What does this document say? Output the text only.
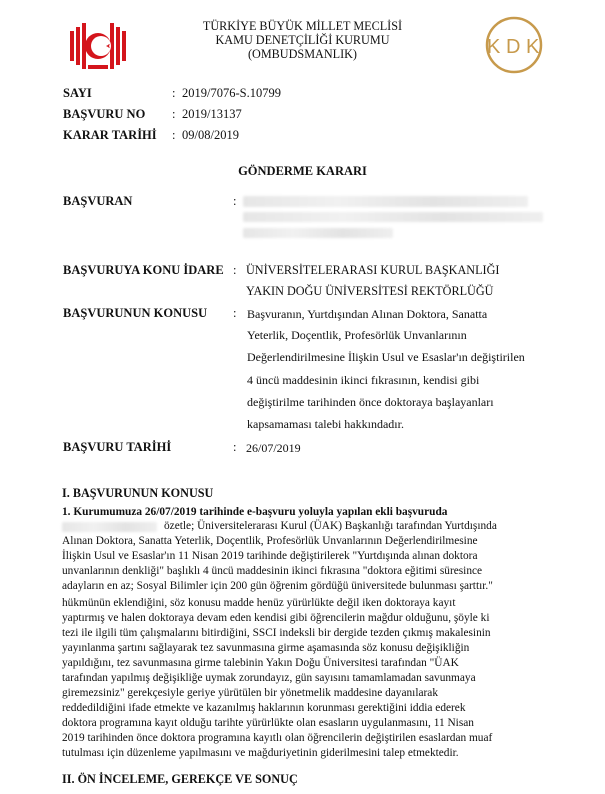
K D K
TÜRKİYE BÜYÜK MİLLET MECLİSİ
KAMU DENETÇİLİĞİ KURUMU
(OMBUDSMANLIK)
SAYI	: 2019/7076-S.10799
BAŞVURU NO : 2019/13137
KARAR TARİHİ : 09/08/2019
GÖNDERME KARARI
BAŞVURAN	:
BAŞVURUYA KONU İDARE : ÜNİVERSİTELERARASI KURUL BAŞKANLIĞI
YAKIN DOĞU ÜNİVERSİTESİ REKTÖRLÜĞÜ
BAŞVURUNUN KONUSU : Başvuranın, Yurtdışından Alınan Doktora, Sanatta
Yeterlik, Doçentlik, Profesörlük Unvanlarının
Değerlendirilmesine İlişkin Usul ve Esaslar'ın değiştirilen
4 üncü maddesinin ikinci fıkrasının, kendisi gibi
değiştirilme tarihinden önce doktoraya başlayanları
kapsamaması talebi hakkındadır.
BAŞVURU TARİHİ	: 26/07/2019
I. BAŞVURUNUN KONUSU
1. Kurumumuza 26/07/2019 tarihinde e-başvuru yoluyla yapılan ekli başvuruda
özetle; Üniversitelerarası Kurul (ÜAK) Başkanlığı tarafından Yurtdışında
Alınan Doktora, Sanatta Yeterlik, Doçentlik, Profesörlük Unvanlarının Değerlendirilmesine
İlişkin Usul ve Esaslar'ın 11 Nisan 2019 tarihinde değiştirilerek "Yurtdışında alınan doktora
unvanlarının denkliği" başlıklı 4 üncü maddesinin ikinci fıkrasına "doktora eğitimi süresince
adayların en az; Sosyal Bilimler için 200 gün öğrenim gördüğü üniversitede bulunması şarttır."
hükmünün eklendiğini, söz konusu madde henüz yürürlükte değil iken doktoraya kayıt
yaptırmış ve halen doktoraya devam eden kendisi gibi öğrencilerin mağdur olduğunu, şöyle ki
tezi ile ilgili tüm çalışmalarını bitirdiğini, SSCI indeksli bir dergide tezden çıkmış makalesinin
yayınlanma şartını sağlayarak tez savunmasına girme aşamasında söz konusu değişikliğin
yapıldığını, tez savunmasına girme talebinin Yakın Doğu Üniversitesi tarafından "ÜAK
tarafından yapılmış değişikliğe uymak zorundayız, gün sayısını tamamlamadan savunmaya
giremezsiniz" gerekçesiyle geriye yürütülen bir yönetmelik maddesine dayanılarak
reddedildiğini ifade etmekte ve kazanılmış haklarının korunması gerektiğini iddia ederek
doktora programına kayıt olduğu tarihte yürürlükte olan esasların uygulanmasını, 11 Nisan
2019 tarihinden önce doktora programına kayıtlı olan öğrencilerin değiştirilen esaslardan muaf
tutulması için düzenleme yapılmasını ve mağduriyetinin giderilmesini talep etmektedir.
II. ÖN İNCELEME, GEREKÇE VE SONUÇ
